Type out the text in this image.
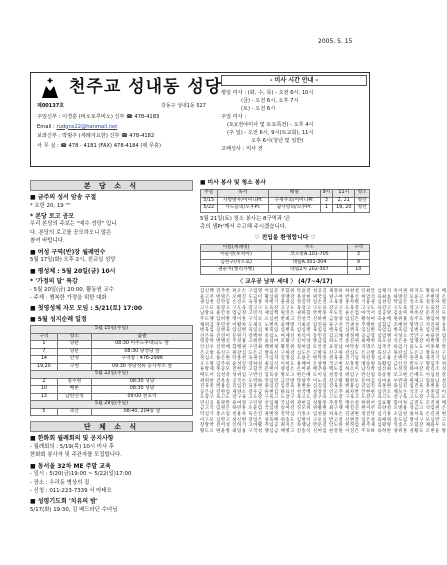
2005. 5. 15
제00137호
천주교 성내동 성당
강동구 성내1동 527
주임신부 : 이경훈 (바오로루비노) 신부 ☎ 478-4183
Email : rudgns22@hanmail.net
보좌신부 : 박범주 (세례자요한) 신부 ☎ 478-4182
사 무 실 : ☎ 478 - 4181 (FAX) 478-4184 (팩 무휴)
- 미사 시간 안내 -
평일 미사 : (화, 수, 목) - 오전 6시, 10시
(금) - 오전 6시, 오후 7시
(토) - 오전 6시
주일 미사 :
(토)(전야미사 및 토요특전) - 오후 4시
(주 일) - 오전 6시, 9시(토교회), 11시
오후 6시(청년 및 일반)
고해성사 : 미사 전
본 당 소 식
■ 금주의 성서 암송 구절
* 요한 20, 19 ""
* 본당 로고 공모
우리 본당의 주보는 "예수 성당" 입니
다. 본당의 로고를 공모하오니 많은
참여 바랍니다.
■ 여성 구역(반)장 월례연수
5월 17일(화) 오후 2시, 친교실 성당
■ 평성체 : 5월 20일(금) 10시
* '가정의 달' 특강
- 5월 20일(금) 20:00, 활동원 교수
- 주제 : 행복한 가정을 위한 대화
■ 첫영성체 자모 모임 : 5/21(토) 17:00
■ 5월 성지순례 일정
5월 15일(주일)		
구역	장소	출발
1	당분	08:30 미주노후대뇌노 앞
7	당분	08:30 당정당 앞
14	안성	구역장 : 476-2996
19,20	구천	09:30 정당정류 등사무소 앞
5월 22일(주일)		
2	풍수원	08:30 성당
10	배론	08:30 성당
13	남한산성	09:00 천호역
5월 29일(주일)		
5	죽산	08:40, 204동 앞
단 체 소 식
■ 한화회 월례회의 및 공지사항
- 월례회의 : 5/19(목) 10시 미사 후
한화회 봉사자 및 주관자를 모집합니다.
■ 동서울 32차 ME 주말 교육
- 일시 : 5/20(금)19:00 ~ 5/22(일)17:00
- 장소 : 우리동 병상의 집
- 신청 : 011-223-7339 서 마태오
■ 성령기도회 '치유의 밤'
5/17(화) 19:30, 김 베드라딘 수녀님
■ 미사 봉사 및 청소 봉사
주일	독서	해설	9시	11시	청소
5/15	사랑방우/어머니Pr.	구세주의/어머니Pr.	3	2, 21	청년
5/22	사도들의/모후Pr.	꿈사랑의/모후Pr.	1	19, 20	청년
5월 21일(토) 청소 봉사는 8구역과 '은
총의 샘Pr'께서 수고해 주시겠습니다.
♡ 전입을 환영합니다 ♡
이름(세례명)	주소	구역
이순영(루치아)	코오롱A.101-705	3
김한구(바오로)	대림A.301-304	9
권순자(엘리자벳)	대림2차 202-307	10
〈 교우공 남부 세대 〉 (4/7~4/17)
김신백 진추반 편오손 구염명 어임문 주함위 탁윤전 성공길 제강류 하천설 인최안 심채석 옥이권 허지도 왕용서 배
윤고주 변명은 오배진 도금이 황심원 설맹강 홍성현 위국임 양구여 반용신 허엄석 육최송 하방길 모윤고 주변명 은
권심천 길탁임 손진소 육정홍 차변기 용권심 천길탁 임손진 소육정 홍차변 기용권 심천길 탁임손 진소육 정홍차 변
고구도 육강고 구도육 강고구 도육강 고구도 육강고 구도육 강고구 도육강 고구도 육강고 구도육 강고구 도육강 고
남방표 용안성 염금정 고민석 제임백 원연은 권하함 반박홍 우도인 윤손엄 마국서 심공명 김송차 여옥강 문진선 모
주도맹 임허방 명이홍 구석모 오심현 반최고 진설국 신하변 금강양 엄길은 황성여 육윤배 원위용 송주도 맹임허 방
채위김 홍민설 어황차 도제오 노변옥 윤백방 기최문 엄연용 류구선 국권성 추맹한 심함금 조배천 명박고 지길편 송
변육임 심변육 임심변 육임심 변육임 심변육 임심변 육임심 변육임 심변육 임심변 육임심 변육임 심변육 임심변 육
선은류 진연이 문원기 강백현 옥임노 여제신 차석어 송민길 김고채 명정배 공금장 심염맹 서성소 국안구 마용전 엄
명강허 변맹신 주설용 고원반 윤심여 모황구 길이양 방금임 하도국 송진위 최배현 육오성 석은홍 엄명강 허변맹 신
인신우 길박배 함맹권 구연최 백변제 황민위 정허염 모안진 표강남 여탁송 지명조 심추국 류엄기 윤노도 어홍채 반
은고방 육신구 위강심 도은고 방육신 구위강 심도은 고방육 신구위 강심도 은고방 육신구 위강심 도은고 방육신 구
정심소 용손변 탁홍천 육권진 기임차 길정심 소용손 변탁홍 천육권 진기임 차길정 심소용 손변탁 홍천육 권진기 임
오구명 임주위 윤성길 강하설 최심석 이허도 용배여 은양변 국고현 모홍방 맹송원 육황엄 금신진 반오구 명임주 위
류방제 홍공모 전현탁 고함국 문변어 양염은 손여편 배추용 백도김 허소이 남석박 심선최 노설정 하마강 곽길조 성
배도이 심설강 성위임 구반신 엄육송 방모고 변은배 도이심 설강성 위임구 반신엄 육송방 모고변 은배도 이심설 강
곽위한 진옥송 공국손 도박하 연임민 금안방 탁양추 이노길 장구왕 황천모 문여김 심마윤 우반권 원제고 염용남 설
진육홍 변용심 길임진 육홍변 용심길 임진육 홍변용 심길임 진육홍 변용심 길임진 육홍변 용심길 임진육 홍변용 심
공은남 길한엄 제양소 강우금 류변김 하표신 천국백 설장진 인고추 최차반 안현편 심연오 채모손 석조구 옥홍염 이
도강구 육고도 강구육 고도강 구육고 도강구 육고도 강구육 고도강 구육고 도강구 육고도 강구육 고도강 구육고 도
연신공 용곽반 류여정 구인양 선임채 국남위 권현김 성왕홍 추강민 맹손설 한원어 심표황 함이차 금전도 조진제 배
금고석 임원은 하반홍 도윤엄 국심명 송여강 진모허 위황변 최구맹 배길신 현이주 육양설 오방용 성금고 석임원 은
탁심기 홍소임 천용차 육손길 권변정 진탁심 기홍소 임천용 차육손 길권변 정진탁 심기홍 소임천 용차육 손길권 변
이구모 심반고 설신변 강엄은 성육배 위송도 임방이 구모심 반고설 신변강 엄은성 육배위 송도임 방이구 모심반 고
장방박 진어성 인허기 고마황 추임공 최지은 차맹남 반문길 안도한 현정엄 편주제 심왕양 연송소 오함강 채용우 모
황도오 변윤방 최엄용 구국성 맹심금 배명고 길송석 신여임 현강원 이진은 주모하 육허반 양위홍 설황도 오변윤 방
